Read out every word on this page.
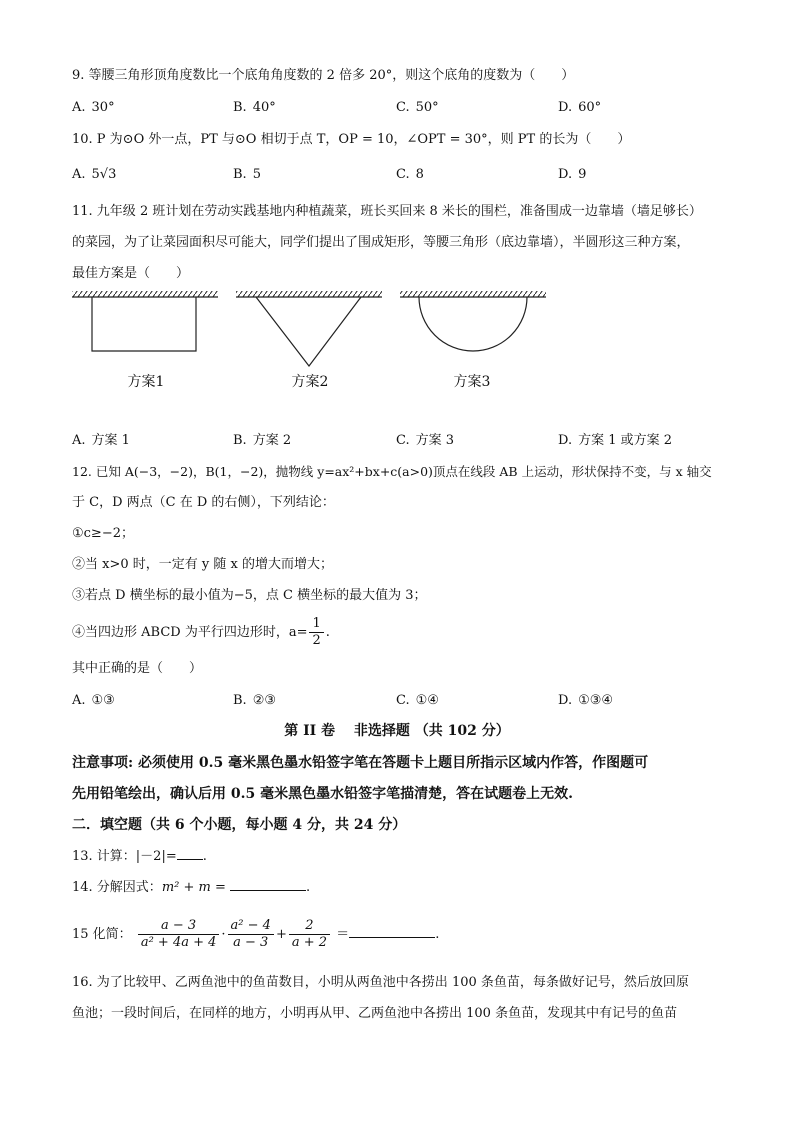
9. 等腰三角形顶角度数比一个底角角度数的 2 倍多 20°，则这个底角的度数为（　　）
A. 30°	B. 40°	C. 50°	D. 60°
10. P 为⊙O 外一点，PT 与⊙O 相切于点 T，OP = 10，∠OPT = 30°，则 PT 的长为（　　）
A. 5√3	B. 5	C. 8	D. 9
11. 九年级 2 班计划在劳动实践基地内种植蔬菜，班长买回来 8 米长的围栏，准备围成一边靠墙（墙足够长）
的菜园，为了让菜园面积尽可能大，同学们提出了围成矩形，等腰三角形（底边靠墙），半圆形这三种方案，
最佳方案是（　　）
方案1	方案2	方案3
A. 方案 1	B. 方案 2	C. 方案 3	D. 方案 1 或方案 2
12. 已知 A(−3，−2)，B(1，−2)，抛物线 y=ax²+bx+c(a>0)顶点在线段 AB 上运动，形状保持不变，与 x 轴交
于 C，D 两点（C 在 D 的右侧），下列结论：
①c≥−2；
②当 x>0 时，一定有 y 随 x 的增大而增大；
③若点 D 横坐标的最小值为−5，点 C 横坐标的最大值为 3；
④当四边形 ABCD 为平行四边形时，$a= \frac{1}{2}$ .
其中正确的是（　　）
A. ①③	B. ②③	C. ①④	D. ①③④
第 II 卷　 非选择题 （共 102 分）
注意事项: 必须使用 0.5 毫米黑色墨水铅签字笔在答题卡上题目所指示区域内作答，作图题可
先用铅笔绘出，确认后用 0.5 毫米黑色墨水铅签字笔描清楚，答在试题卷上无效.
二．填空题（共 6 个小题，每小题 4 分，共 24 分）
13. 计算：|－2|= .
14. 分解因式：m² + m =	.
15 化简： $\frac{a - 3}{\text{a² + 4a + 4}} \cdot \frac{\text{a² − 4}}{a - 3} + \frac{2}{a + 2}$ ＝	.
16. 为了比较甲、乙两鱼池中的鱼苗数目，小明从两鱼池中各捞出 100 条鱼苗，每条做好记号，然后放回原
鱼池；一段时间后，在同样的地方，小明再从甲、乙两鱼池中各捞出 100 条鱼苗，发现其中有记号的鱼苗
